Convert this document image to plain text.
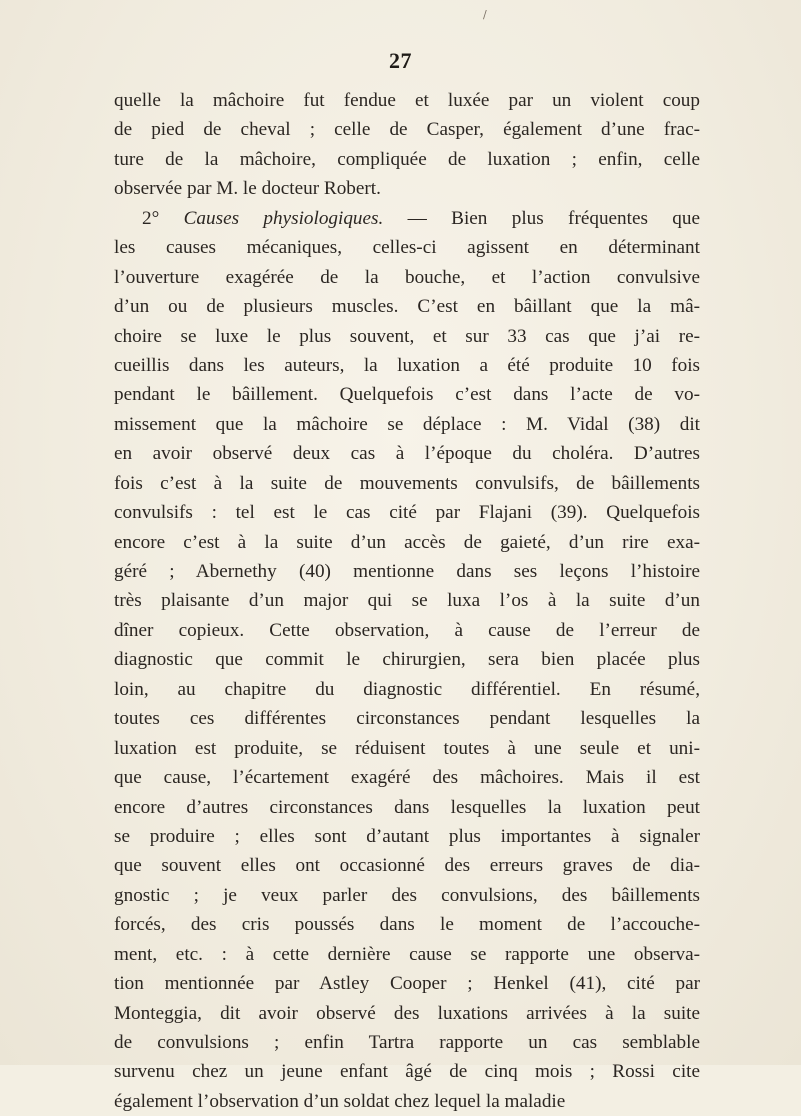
/
27
quelle la mâchoire fut fendue et luxée par un violent coup
de pied de cheval ; celle de Casper, également d’une frac-
ture de la mâchoire, compliquée de luxation ; enfin, celle
observée par M. le docteur Robert.
2° Causes physiologiques. — Bien plus fréquentes que
les causes mécaniques, celles-ci agissent en déterminant
l’ouverture exagérée de la bouche, et l’action convulsive
d’un ou de plusieurs muscles. C’est en bâillant que la mâ-
choire se luxe le plus souvent, et sur 33 cas que j’ai re-
cueillis dans les auteurs, la luxation a été produite 10 fois
pendant le bâillement. Quelquefois c’est dans l’acte de vo-
missement que la mâchoire se déplace : M. Vidal (38) dit
en avoir observé deux cas à l’époque du choléra. D’autres
fois c’est à la suite de mouvements convulsifs, de bâillements
convulsifs : tel est le cas cité par Flajani (39). Quelquefois
encore c’est à la suite d’un accès de gaieté, d’un rire exa-
géré ; Abernethy (40) mentionne dans ses leçons l’histoire
très plaisante d’un major qui se luxa l’os à la suite d’un
dîner copieux. Cette observation, à cause de l’erreur de
diagnostic que commit le chirurgien, sera bien placée plus
loin, au chapitre du diagnostic différentiel. En résumé,
toutes ces différentes circonstances pendant lesquelles la
luxation est produite, se réduisent toutes à une seule et uni-
que cause, l’écartement exagéré des mâchoires. Mais il est
encore d’autres circonstances dans lesquelles la luxation peut
se produire ; elles sont d’autant plus importantes à signaler
que souvent elles ont occasionné des erreurs graves de dia-
gnostic ; je veux parler des convulsions, des bâillements
forcés, des cris poussés dans le moment de l’accouche-
ment, etc. : à cette dernière cause se rapporte une observa-
tion mentionnée par Astley Cooper ; Henkel (41), cité par
Monteggia, dit avoir observé des luxations arrivées à la suite
de convulsions ; enfin Tartra rapporte un cas semblable
survenu chez un jeune enfant âgé de cinq mois ; Rossi cite
également l’observation d’un soldat chez lequel la maladie
